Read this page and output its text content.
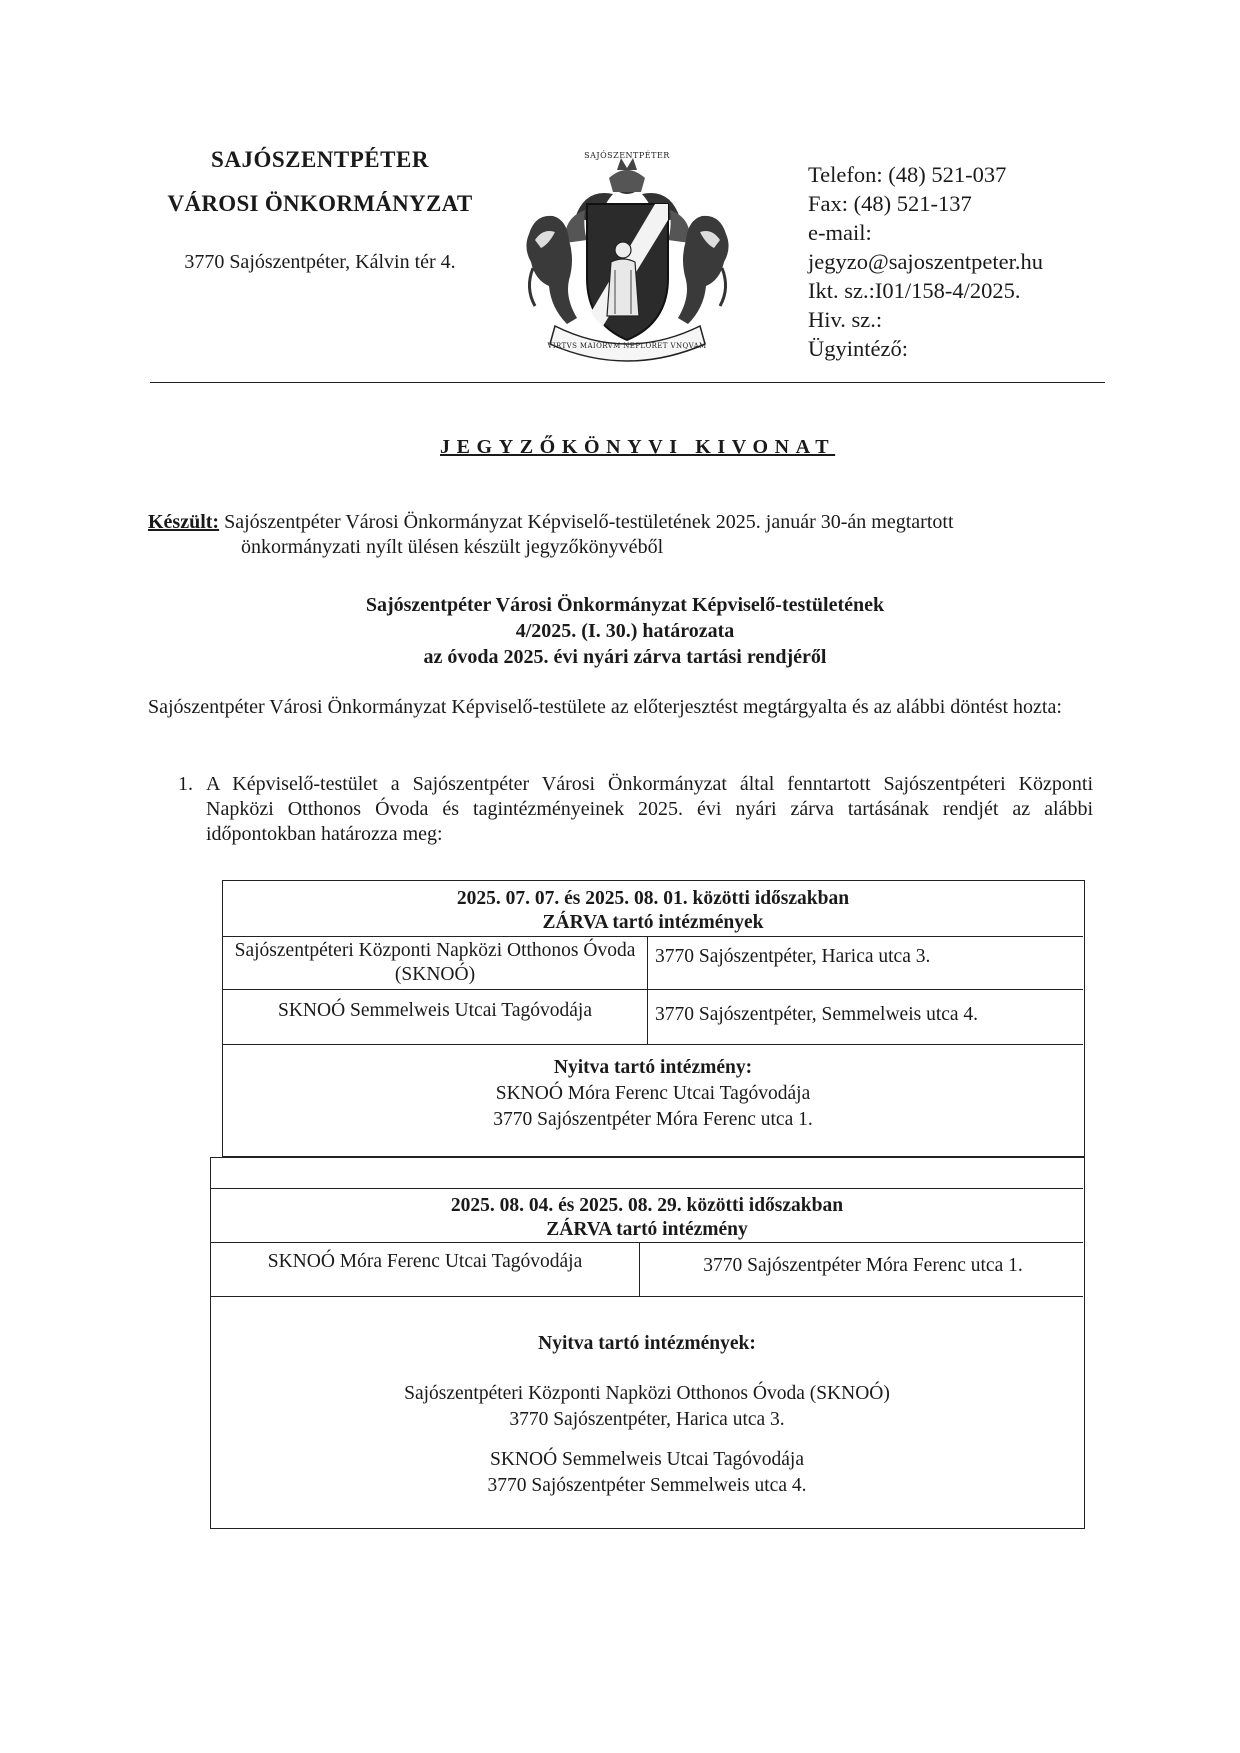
SAJÓSZENTPÉTER
VÁROSI ÖNKORMÁNYZAT
3770 Sajószentpéter, Kálvin tér 4.
SAJÓSZENTPÉTER
VIRTVS MAIORVM NEPLORET VNQVAM
Telefon: (48) 521-037
Fax: (48) 521-137
e-mail:
jegyzo@sajoszentpeter.hu
Ikt. sz.:I01/158-4/2025.
Hiv. sz.:
Ügyintéző:
JEGYZŐKÖNYVI KIVONAT
Készült: Sajószentpéter Városi Önkormányzat Képviselő-testületének 2025. január 30-án megtartott
önkormányzati nyílt ülésen készült jegyzőkönyvéből
Sajószentpéter Városi Önkormányzat Képviselő-testületének
4/2025. (I. 30.) határozata
az óvoda 2025. évi nyári zárva tartási rendjéről
Sajószentpéter Városi Önkormányzat Képviselő-testülete az előterjesztést megtárgyalta és az alábbi döntést hozta:
1. A Képviselő-testület a Sajószentpéter Városi Önkormányzat által fenntartott Sajószentpéteri Központi Napközi Otthonos Óvoda és tagintézményeinek 2025. évi nyári zárva tartásának rendjét az alábbi időpontokban határozza meg:
2025. 07. 07. és 2025. 08. 01. közötti időszakban
ZÁRVA tartó intézmények
Sajószentpéteri Központi Napközi Otthonos Óvoda (SKNOÓ)
3770 Sajószentpéter, Harica utca 3.
SKNOÓ Semmelweis Utcai Tagóvodája	3770 Sajószentpéter, Semmelweis utca 4.
Nyitva tartó intézmény:
SKNOÓ Móra Ferenc Utcai Tagóvodája
3770 Sajószentpéter Móra Ferenc utca 1.
2025. 08. 04. és 2025. 08. 29. közötti időszakban
ZÁRVA tartó intézmény
SKNOÓ Móra Ferenc Utcai Tagóvodája	3770 Sajószentpéter Móra Ferenc utca 1.
Nyitva tartó intézmények:
Sajószentpéteri Központi Napközi Otthonos Óvoda (SKNOÓ)
3770 Sajószentpéter, Harica utca 3.
SKNOÓ Semmelweis Utcai Tagóvodája
3770 Sajószentpéter Semmelweis utca 4.
